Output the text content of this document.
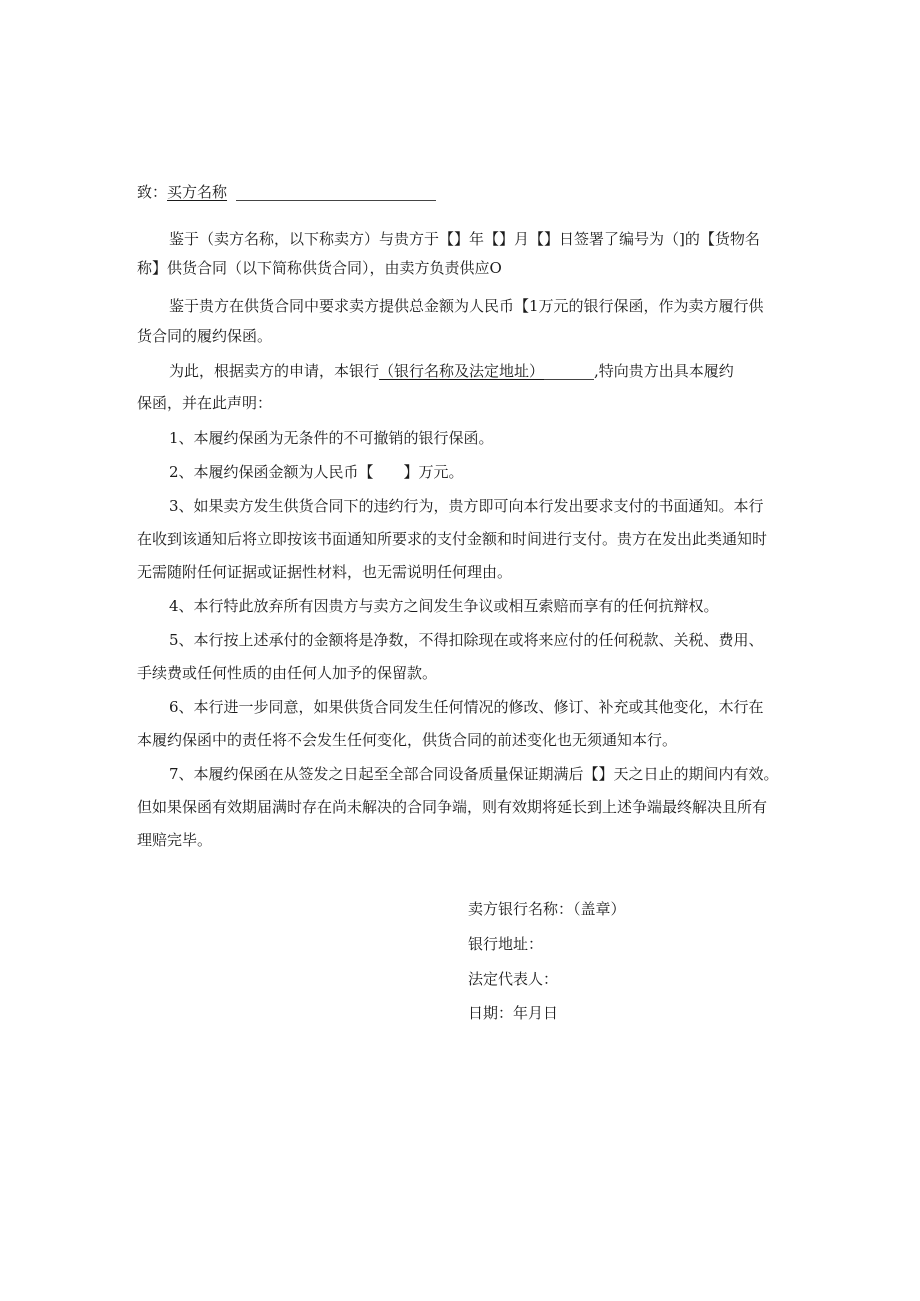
致：买方名称
鉴于（卖方名称，以下称卖方）与贵方于【】年【】月【】日签署了编号为（]的【货物名
称】供货合同（以下简称供货合同），由卖方负责供应O
鉴于贵方在供货合同中要求卖方提供总金额为人民币【1万元的银行保函，作为卖方履行供
货合同的履约保函。
为此，根据卖方的申请，本银行（银行名称及法定地址）	,特向贵方出具本履约
保函，并在此声明：
1、本履约保函为无条件的不可撤销的银行保函。
2、本履约保函金额为人民币【　　】万元。
3、如果卖方发生供货合同下的违约行为，贵方即可向本行发出要求支付的书面通知。本行
在收到该通知后将立即按该书面通知所要求的支付金额和时间进行支付。贵方在发出此类通知时
无需随附任何证据或证据性材料，也无需说明任何理由。
4、本行特此放弃所有因贵方与卖方之间发生争议或相互索赔而享有的任何抗辩权。
5、本行按上述承付的金额将是净数，不得扣除现在或将来应付的任何税款、关税、费用、
手续费或任何性质的由任何人加予的保留款。
6、本行进一步同意，如果供货合同发生任何情况的修改、修订、补充或其他变化，木行在
本履约保函中的责任将不会发生任何变化，供货合同的前述变化也无须通知本行。
7、本履约保函在从签发之日起至全部合同设备质量保证期满后【】天之日止的期间内有效。
但如果保函有效期届满时存在尚未解决的合同争端，则有效期将延长到上述争端最终解决且所有
理赔完毕。
卖方银行名称：（盖章）
银行地址：
法定代表人：
日期：年月日
